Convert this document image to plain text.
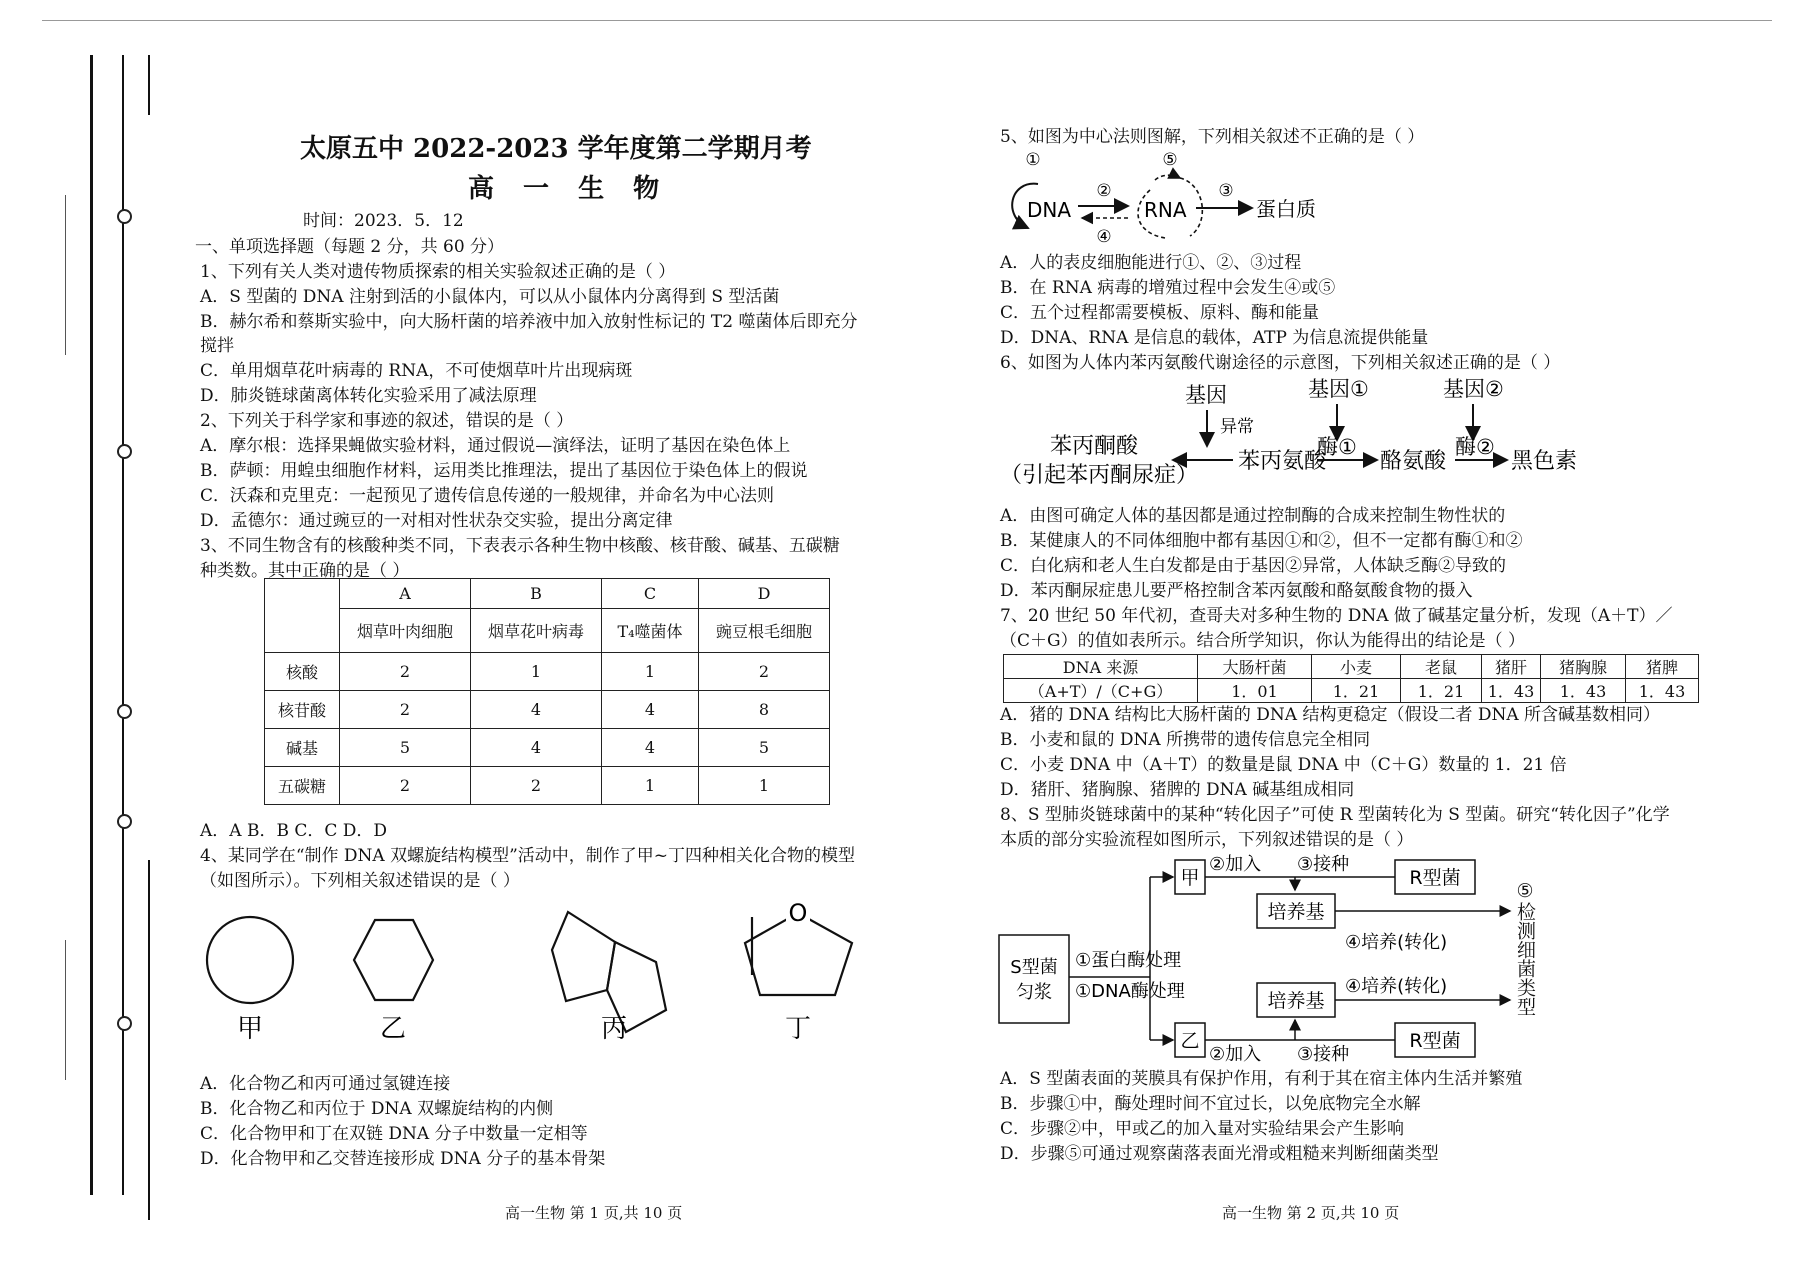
太原五中 2022-2023 学年度第二学期月考
高 一 生 物
时间：2023．5．12
一、单项选择题（每题 2 分，共 60 分）
1、下列有关人类对遗传物质探索的相关实验叙述正确的是（ ）
A．S 型菌的 DNA 注射到活的小鼠体内，可以从小鼠体内分离得到 S 型活菌
B．赫尔希和蔡斯实验中，向大肠杆菌的培养液中加入放射性标记的 T2 噬菌体后即充分
搅拌
C．单用烟草花叶病毒的 RNA，不可使烟草叶片出现病斑
D．肺炎链球菌离体转化实验采用了减法原理
2、下列关于科学家和事迹的叙述，错误的是（ ）
A．摩尔根：选择果蝇做实验材料，通过假说—演绎法，证明了基因在染色体上
B．萨顿：用蝗虫细胞作材料，运用类比推理法，提出了基因位于染色体上的假说
C．沃森和克里克：一起预见了遗传信息传递的一般规律，并命名为中心法则
D．孟德尔：通过豌豆的一对相对性状杂交实验，提出分离定律
3、不同生物含有的核酸种类不同，下表表示各种生物中核酸、核苷酸、碱基、五碳糖
种类数。其中正确的是（ ）
	A	B	C	D
	烟草叶肉细胞	烟草花叶病毒	T₄噬菌体	豌豆根毛细胞
核酸	2	1	1	2
核苷酸	2	4	4	8
碱基	5	4	4	5
五碳糖	2	2	1	1
A．A B．B C．C D．D
4、某同学在“制作 DNA 双螺旋结构模型”活动中，制作了甲~丁四种相关化合物的模型
（如图所示）。下列相关叙述错误的是（ ）
O
甲	乙	丙	丁
A．化合物乙和丙可通过氢键连接
B．化合物乙和丙位于 DNA 双螺旋结构的内侧
C．化合物甲和丁在双链 DNA 分子中数量一定相等
D．化合物甲和乙交替连接形成 DNA 分子的基本骨架
高一生物 第 1 页,共 10 页
5、如图为中心法则图解，下列相关叙述不正确的是（ ）
①
DNA
②
④
⑤
RNA
③
蛋白质
A．人的表皮细胞能进行①、②、③过程
B．在 RNA 病毒的增殖过程中会发生④或⑤
C．五个过程都需要模板、原料、酶和能量
D．DNA、RNA 是信息的载体，ATP 为信息流提供能量
6、如图为人体内苯丙氨酸代谢途径的示意图，下列相关叙述正确的是（ ）
基因
异常
基因①	基因②
苯丙酮酸
（引起苯丙酮尿症）
苯丙氨酸
酶①
酪氨酸
酶②
黑色素
A．由图可确定人体的基因都是通过控制酶的合成来控制生物性状的
B．某健康人的不同体细胞中都有基因①和②，但不一定都有酶①和②
C．白化病和老人生白发都是由于基因②异常，人体缺乏酶②导致的
D．苯丙酮尿症患儿要严格控制含苯丙氨酸和酪氨酸食物的摄入
7、20 世纪 50 年代初，查哥夫对多种生物的 DNA 做了碱基定量分析，发现（A＋T）／
（C＋G）的值如表所示。结合所学知识，你认为能得出的结论是（ ）
DNA 来源	大肠杆菌	小麦	老鼠	猪肝	猪胸腺	猪脾
（A+T）/（C+G）	1．01	1．21	1．21	1．43	1．43	1．43
A．猪的 DNA 结构比大肠杆菌的 DNA 结构更稳定（假设二者 DNA 所含碱基数相同）
B．小麦和鼠的 DNA 所携带的遗传信息完全相同
C．小麦 DNA 中（A＋T）的数量是鼠 DNA 中（C＋G）数量的 1．21 倍
D．猪肝、猪胸腺、猪脾的 DNA 碱基组成相同
8、S 型肺炎链球菌中的某种“转化因子”可使 R 型菌转化为 S 型菌。研究“转化因子”化学
本质的部分实验流程如图所示，下列叙述错误的是（ ）
甲
②加入 ③接种
R型菌
培养基
④培养(转化)
S型菌
匀浆
①蛋白酶处理
①DNA酶处理	培养基
④培养(转化)
乙
②加入 ③接种
R型菌
⑤检测细菌类型
A．S 型菌表面的荚膜具有保护作用，有利于其在宿主体内生活并繁殖
B．步骤①中，酶处理时间不宜过长，以免底物完全水解
C．步骤②中，甲或乙的加入量对实验结果会产生影响
D．步骤⑤可通过观察菌落表面光滑或粗糙来判断细菌类型
高一生物 第 2 页,共 10 页
